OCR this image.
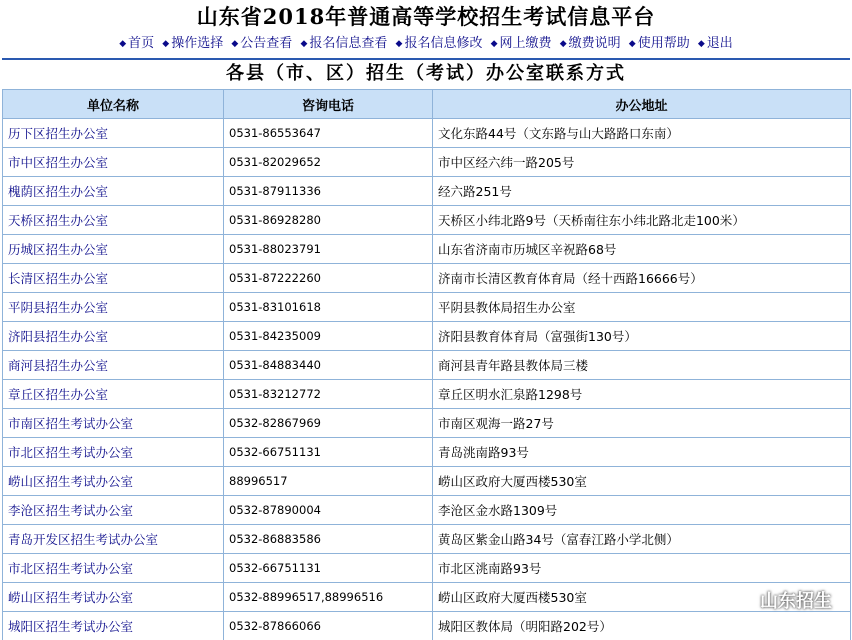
山东省2018年普通高等学校招生考试信息平台
◆ 首页 ◆ 操作选择 ◆ 公告查看 ◆ 报名信息查看 ◆ 报名信息修改 ◆ 网上缴费 ◆ 缴费说明 ◆ 使用帮助 ◆ 退出
各县（市、区）招生（考试）办公室联系方式
单位名称	咨询电话	办公地址
历下区招生办公室	0531-86553647	文化东路44号（文东路与山大路路口东南）
市中区招生办公室	0531-82029652	市中区经六纬一路205号
槐荫区招生办公室	0531-87911336	经六路251号
天桥区招生办公室	0531-86928280	天桥区小纬北路9号（天桥南往东小纬北路北走100米）
历城区招生办公室	0531-88023791	山东省济南市历城区辛祝路68号
长清区招生办公室	0531-87222260	济南市长清区教育体育局（经十西路16666号）
平阴县招生办公室	0531-83101618	平阴县教体局招生办公室
济阳县招生办公室	0531-84235009	济阳县教育体育局（富强街130号）
商河县招生办公室	0531-84883440	商河县青年路县教体局三楼
章丘区招生办公室	0531-83212772	章丘区明水汇泉路1298号
市南区招生考试办公室	0532-82867969	市南区观海一路27号
市北区招生考试办公室	0532-66751131	青岛洮南路93号
崂山区招生考试办公室	88996517	崂山区政府大厦西楼530室
李沧区招生考试办公室	0532-87890004	李沧区金水路1309号
青岛开发区招生考试办公室	0532-86883586	黄岛区紫金山路34号（富春江路小学北侧）
市北区招生考试办公室	0532-66751131	市北区洮南路93号
崂山区招生考试办公室	0532-88996517,88996516	崂山区政府大厦西楼530室
城阳区招生考试办公室	0532-87866066	城阳区教体局（明阳路202号）
山东招生
